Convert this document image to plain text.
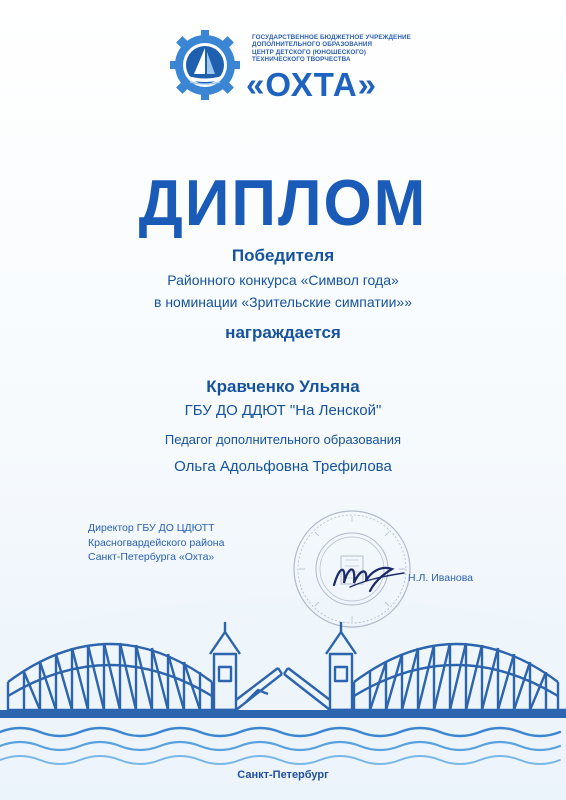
ГОСУДАРСТВЕННОЕ БЮДЖЕТНОЕ УЧРЕЖДЕНИЕ
ДОПОЛНИТЕЛЬНОГО ОБРАЗОВАНИЯ
ЦЕНТР ДЕТСКОГО (ЮНОШЕСКОГО)
ТЕХНИЧЕСКОГО ТВОРЧЕСТВА
«ОХТА»
ДИПЛОМ
Победителя
Районного конкурса «Символ года»
в номинации «Зрительские симпатии»»
награждается
Кравченко Ульяна
ГБУ ДО ДДЮТ "На Ленской"
Педагог дополнительного образования
Ольга Адольфовна Трефилова
Директор ГБУ ДО ЦДЮТТ
Красногвардейского района
Санкт-Петербурга «Охта»
Н.Л. Иванова
Санкт-Петербург
